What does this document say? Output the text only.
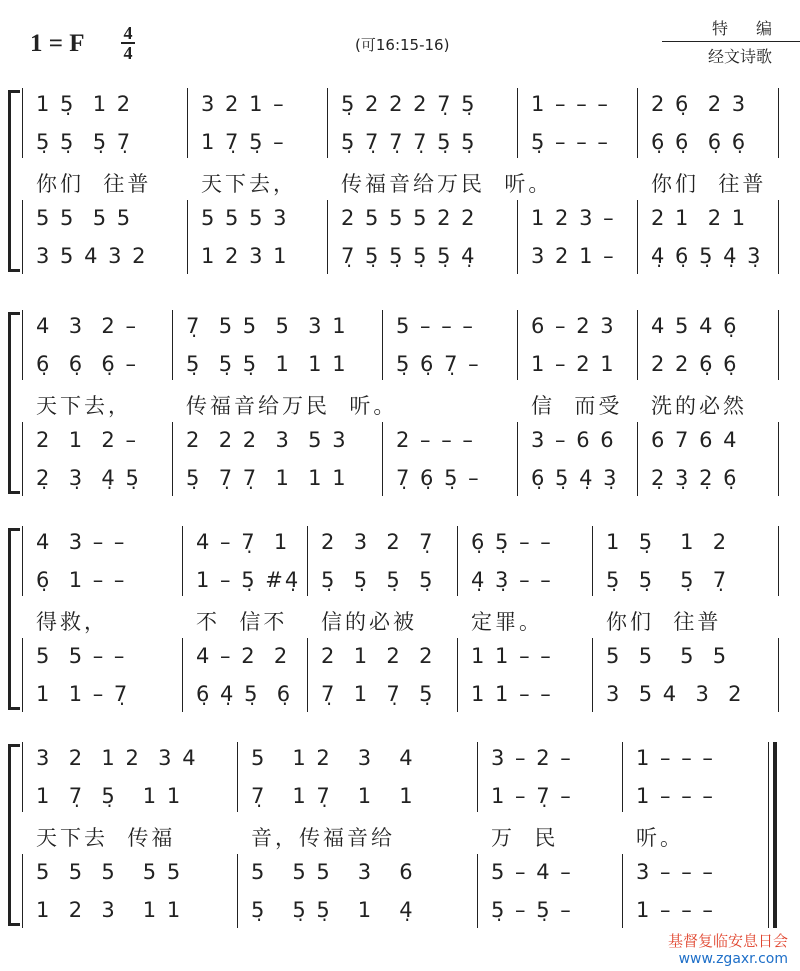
1 = F	4
4	(可16:15-16)
特编
经文诗歌
1 5̣  1 2	3 2 1 –	5̣ 2 2 2 7̣ 5̣	1 – – –	2 6̣  2 3
5̣ 5̣  5̣ 7̣	1 7̣ 5̣ –	5̣ 7̣ 7̣ 7̣ 5̣ 5̣	5̣ – – –	6̣ 6̣  6̣ 6̣
你们  往普	天下去，	传福音给万民  听。	你们  往普
5 5  5 5	5 5 5 3	2 5 5 5 2 2	1 2 3 –	2 1  2 1
3 5 4 3 2	1 2 3 1	7̣ 5̣ 5̣ 5̣ 5̣ 4̣	3 2 1 –	4̣ 6̣ 5̣ 4̣ 3̣
4  3  2 –	7̣  5 5  5  3 1	5 – – –	6 – 2 3	4 5 4 6̣
6̣  6̣  6̣ –	5̣  5̣ 5̣  1  1 1	5̣ 6̣ 7̣ –	1 – 2 1	2 2 6̣ 6̣
天下去，	传福音给万民  听。	信  而受	洗的必然
2  1  2 –	2  2 2  3  5 3	2 – – –	3 – 6 6	6 7 6 4
2̣  3̣  4̣ 5̣	5̣  7̣ 7̣  1  1 1	7̣ 6̣ 5̣ –	6̣ 5̣ 4̣ 3̣	2̣ 3̣ 2̣ 6̣
4  3 – –	4 – 7̣  1	2  3  2  7̣	6̣ 5̣ – –	1  5̣   1  2
6̣  1 – –	1 – 5̣ #4̣ 5̣  5̣  5̣  5̣	4̣ 3̣ – –	5̣  5̣   5̣  7̣
得救，	不  信不	信的必被	定罪。	你们  往普
5  5 – –	4 – 2  2	2  1  2  2	1 1 – –	5  5   5  5
1  1 – 7̣	6̣ 4̣ 5̣  6̣	7̣  1  7̣  5̣	1 1 – –	3  5 4  3  2
3  2  1 2  3 4	5   1 2   3   4	3 – 2 –	1 – – –
1  7̣  5̣   1 1	7̣   1 7̣   1   1	1 – 7̣ –	1 – – –
天下去  传福	音，传福音给	万  民	听。
5  5  5   5 5	5   5 5   3   6	5 – 4 –	3 – – –
1  2  3   1 1	5̣   5̣ 5̣   1   4̣	5̣ – 5̣ –	1 – – –
基督复临安息日会
www.zgaxr.com
